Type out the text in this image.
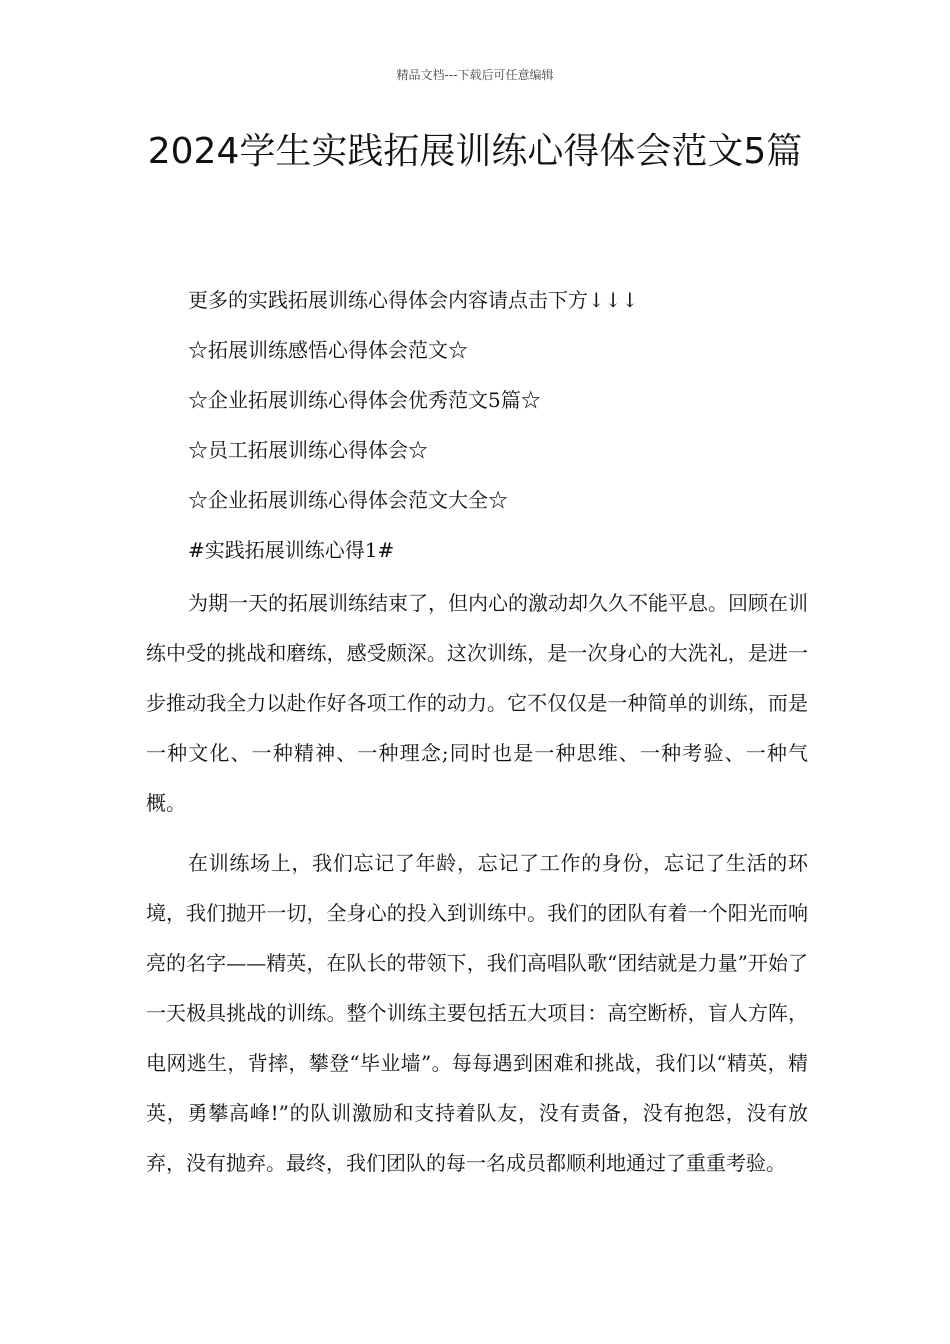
精品文档---下载后可任意编辑
2024学生实践拓展训练心得体会范文5篇
更多的实践拓展训练心得体会内容请点击下方↓↓↓
☆拓展训练感悟心得体会范文☆
☆企业拓展训练心得体会优秀范文5篇☆
☆员工拓展训练心得体会☆
☆企业拓展训练心得体会范文大全☆
#实践拓展训练心得1#

为期一天的拓展训练结束了，但内心的激动却久久不能平息。回顾在训练中受的挑战和磨练，感受颇深。这次训练，是一次身心的大洗礼，是进一步推动我全力以赴作好各项工作的动力。它不仅仅是一种简单的训练，而是一种文化、一种精神、一种理念;同时也是一种思维、一种考验、一种气概。

在训练场上，我们忘记了年龄，忘记了工作的身份，忘记了生活的环境，我们抛开一切，全身心的投入到训练中。我们的团队有着一个阳光而响亮的名字——精英，在队长的带领下，我们高唱队歌“团结就是力量”开始了一天极具挑战的训练。整个训练主要包括五大项目：高空断桥，盲人方阵，电网逃生，背摔，攀登“毕业墙”。每每遇到困难和挑战，我们以“精英，精英，勇攀高峰!”的队训激励和支持着队友，没有责备，没有抱怨，没有放弃，没有抛弃。最终，我们团队的每一名成员都顺利地通过了重重考验。
